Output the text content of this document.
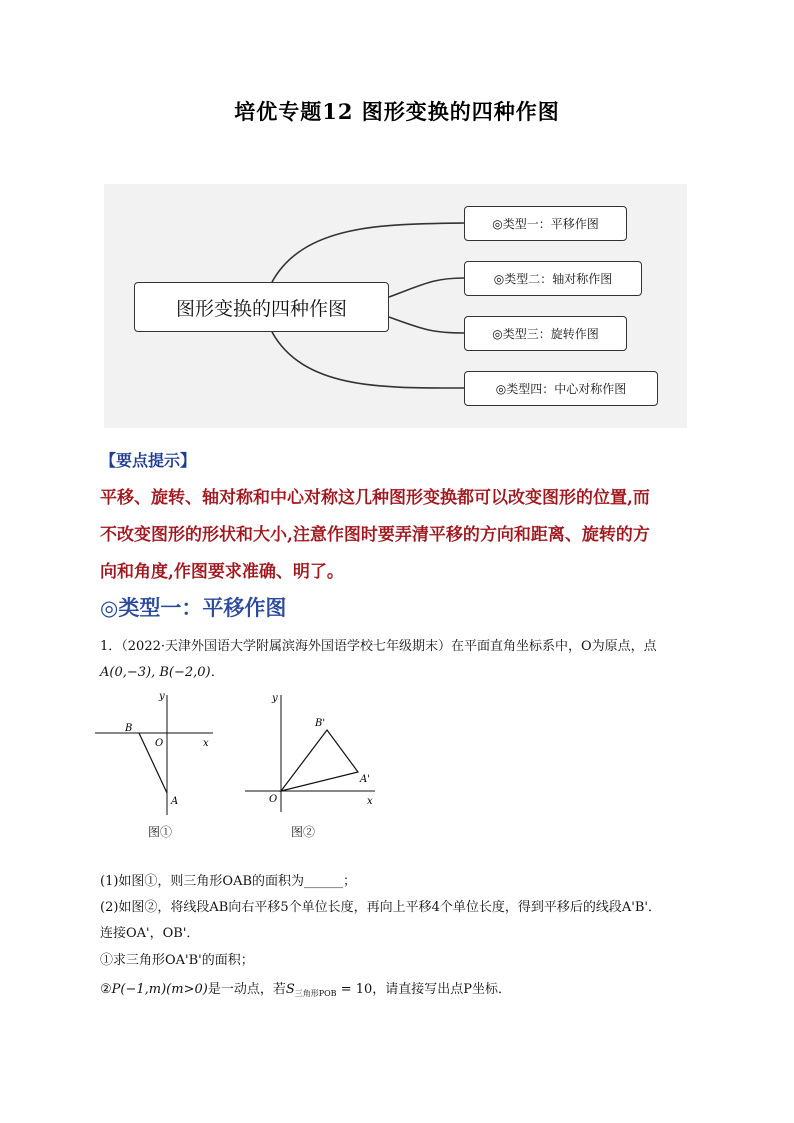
培优专题12 图形变换的四种作图
图形变换的四种作图
◎类型一：平移作图
◎类型二：轴对称作图
◎类型三：旋转作图
◎类型四：中心对称作图
【要点提示】
平移、旋转、轴对称和中心对称这几种图形变换都可以改变图形的位置,而
不改变图形的形状和大小,注意作图时要弄清平移的方向和距离、旋转的方
向和角度,作图要求准确、明了。
◎类型一：平移作图
1．（2022·天津外国语大学附属滨海外国语学校七年级期末）在平面直角坐标系中，O为原点，点
A(0,−3), B(−2,0)．
y
x
B
O
A
图①
y
x
O
B'
A'
图②
(1)如图①，则三角形OAB的面积为______；
(2)如图②，将线段AB向右平移5个单位长度，再向上平移4个单位长度，得到平移后的线段A'B'．
连接OA'，OB'．
①求三角形OA'B'的面积；
②P(−1,m)(m>0)是一动点，若$S_{三角形POB} = 10$，请直接写出点P坐标．
